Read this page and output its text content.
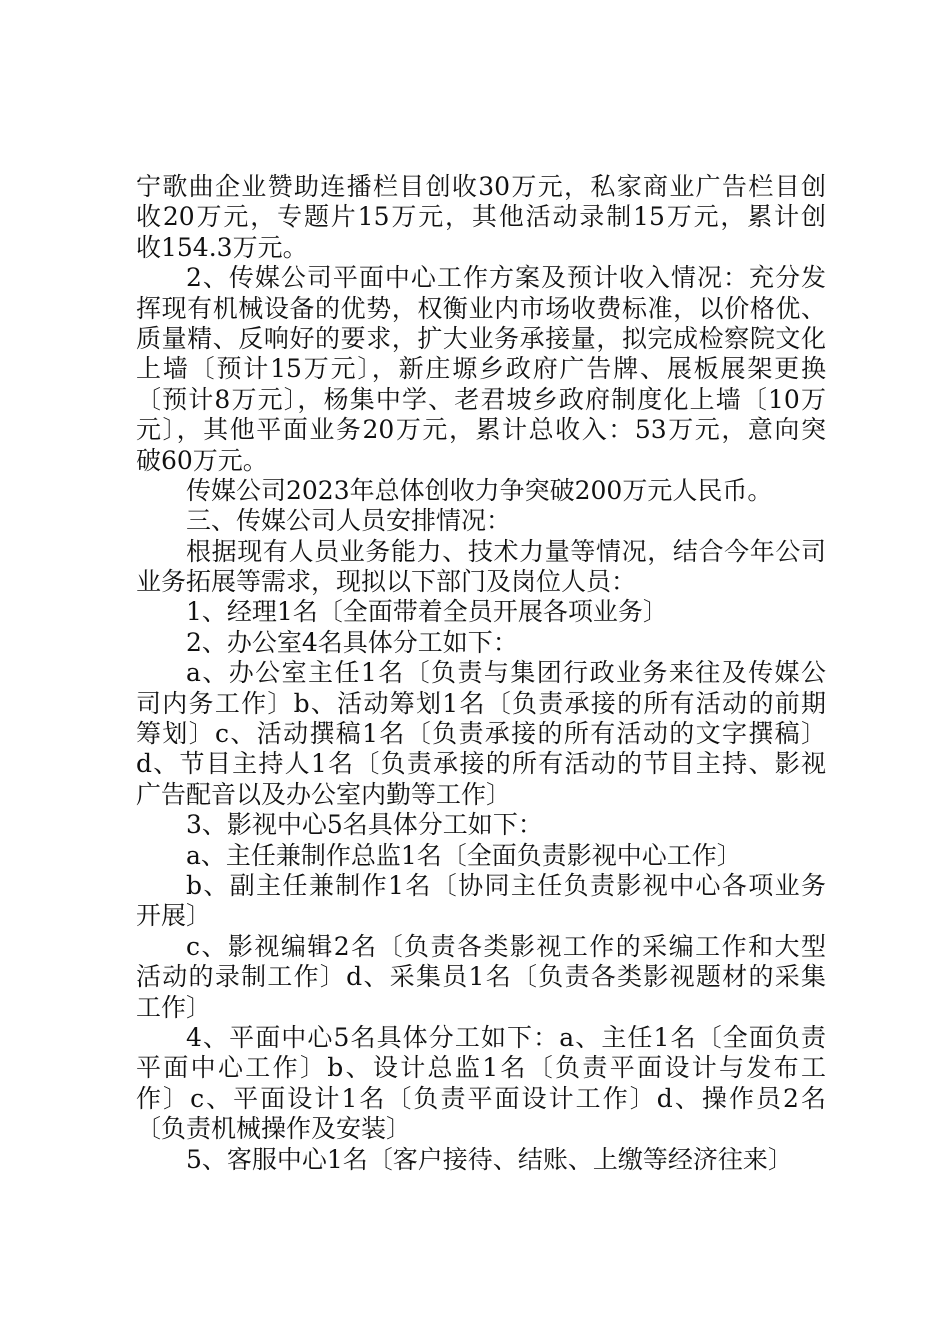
宁歌曲企业赞助连播栏目创收30万元，私家商业广告栏目创
收20万元，专题片15万元，其他活动录制15万元，累计创
收154.3万元。
2、传媒公司平面中心工作方案及预计收入情况：充分发
挥现有机械设备的优势，权衡业内市场收费标准，以价格优、
质量精、反响好的要求，扩大业务承接量，拟完成检察院文化
上墙〔预计15万元〕，新庄塬乡政府广告牌、展板展架更换
〔预计8万元〕，杨集中学、老君坡乡政府制度化上墙〔10万
元〕，其他平面业务20万元，累计总收入：53万元，意向突
破60万元。
传媒公司2023年总体创收力争突破200万元人民币。
三、传媒公司人员安排情况：
根据现有人员业务能力、技术力量等情况，结合今年公司
业务拓展等需求，现拟以下部门及岗位人员：
1、经理1名〔全面带着全员开展各项业务〕
2、办公室4名具体分工如下：
a、办公室主任1名〔负责与集团行政业务来往及传媒公
司内务工作〕b、活动筹划1名〔负责承接的所有活动的前期
筹划〕c、活动撰稿1名〔负责承接的所有活动的文字撰稿〕
d、节目主持人1名〔负责承接的所有活动的节目主持、影视
广告配音以及办公室内勤等工作〕
3、影视中心5名具体分工如下：
a、主任兼制作总监1名〔全面负责影视中心工作〕
b、副主任兼制作1名〔协同主任负责影视中心各项业务
开展〕
c、影视编辑2名〔负责各类影视工作的采编工作和大型
活动的录制工作〕d、采集员1名〔负责各类影视题材的采集
工作〕
4、平面中心5名具体分工如下：a、主任1名〔全面负责
平面中心工作〕b、设计总监1名〔负责平面设计与发布工
作〕c、平面设计1名〔负责平面设计工作〕d、操作员2名
〔负责机械操作及安装〕
5、客服中心1名〔客户接待、结账、上缴等经济往来〕
